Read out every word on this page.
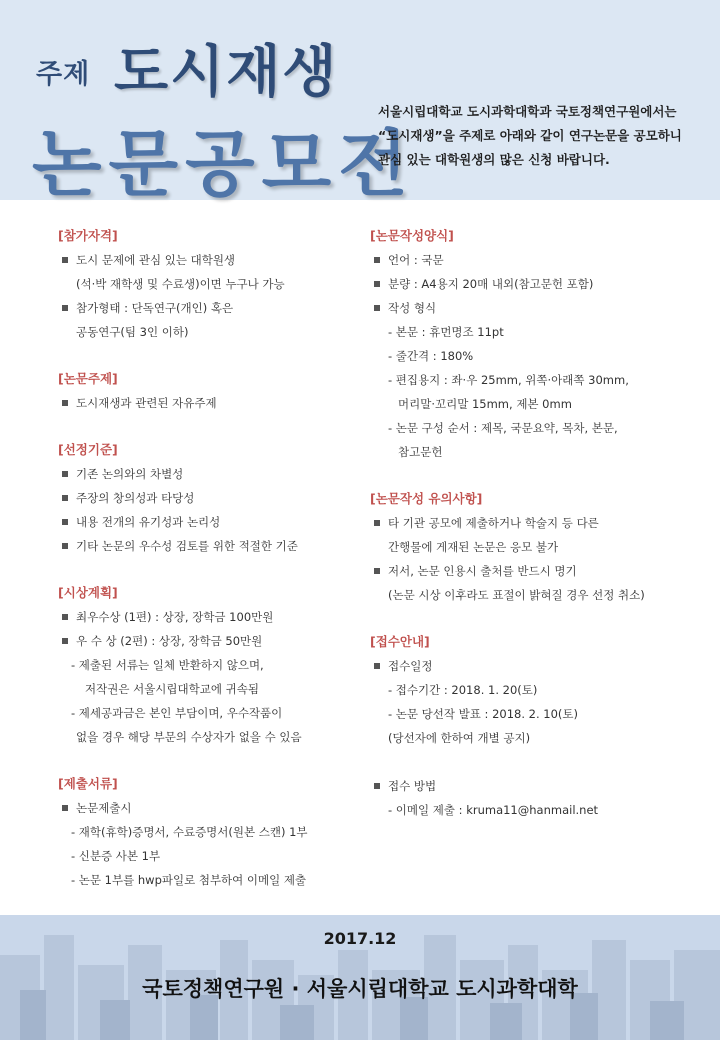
주제 도시재생
논문공모전
서울시립대학교 도시과학대학과 국토정책연구원에서는
“도시재생”을 주제로 아래와 같이 연구논문을 공모하니
관심 있는 대학원생의 많은 신청 바랍니다.
[참가자격]
도시 문제에 관심 있는 대학원생
(석·박 재학생 및 수료생)이면 누구나 가능
참가형태 : 단독연구(개인) 혹은
공동연구(팀 3인 이하)
[논문주제]
도시재생과 관련된 자유주제
[선정기준]
기존 논의와의 차별성
주장의 창의성과 타당성
내용 전개의 유기성과 논리성
기타 논문의 우수성 검토를 위한 적절한 기준
[시상계획]
최우수상 (1편) : 상장, 장학금 100만원
우 수 상 (2편) : 상장, 장학금 50만원
- 제출된 서류는 일체 반환하지 않으며,
저작권은 서울시립대학교에 귀속됨
- 제세공과금은 본인 부담이며, 우수작품이
없을 경우 해당 부문의 수상자가 없을 수 있음
[제출서류]
논문제출시
- 재학(휴학)증명서, 수료증명서(원본 스캔) 1부
- 신분증 사본 1부
- 논문 1부를 hwp파일로 첨부하여 이메일 제출
[논문작성양식]
언어 : 국문
분량 : A4용지 20매 내외(참고문헌 포함)
작성 형식
- 본문 : 휴먼명조 11pt
- 줄간격 : 180%
- 편집용지 : 좌·우 25mm, 위쪽·아래쪽 30mm,
머리말·꼬리말 15mm, 제본 0mm
- 논문 구성 순서 : 제목, 국문요약, 목차, 본문,
참고문헌
[논문작성 유의사항]
타 기관 공모에 제출하거나 학술지 등 다른
간행물에 게재된 논문은 응모 불가
저서, 논문 인용시 출처를 반드시 명기
(논문 시상 이후라도 표절이 밝혀질 경우 선정 취소)
[접수안내]
접수일정
- 접수기간 : 2018. 1. 20(토)
- 논문 당선작 발표 : 2018. 2. 10(토)
(당선자에 한하여 개별 공지)
접수 방법
- 이메일 제출 : kruma11@hanmail.net
2017.12
국토정책연구원 · 서울시립대학교 도시과학대학
